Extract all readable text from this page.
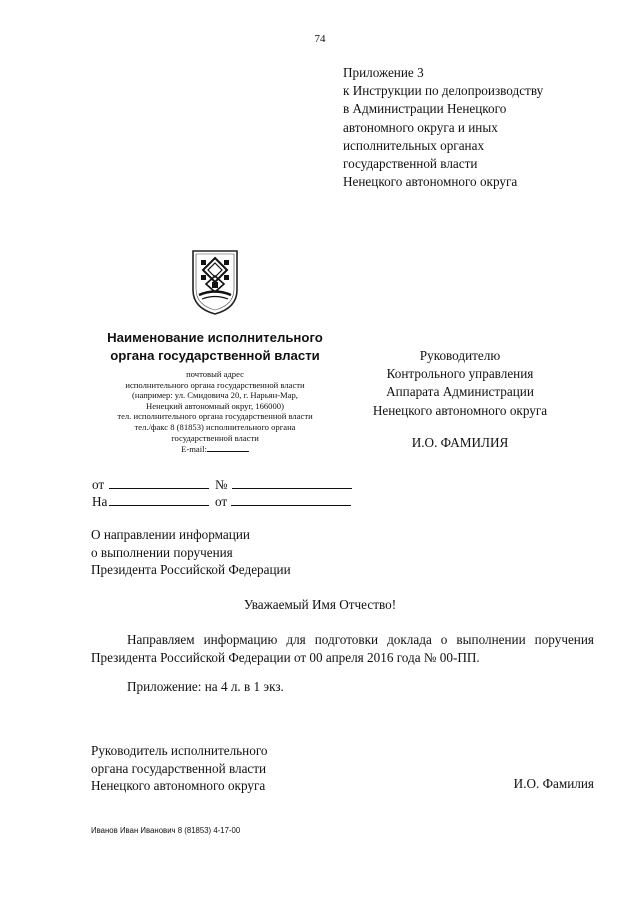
74
Приложение 3
к Инструкции по делопроизводству
в Администрации Ненецкого
автономного округа и иных
исполнительных органах
государственной власти
Ненецкого автономного округа
Наименование исполнительного
органа государственной власти
почтовый адрес
исполнительного органа государственной власти
(например: ул. Смидовича 20, г. Нарьян-Мар,
Ненецкий автономный округ, 166000)
тел. исполнительного органа государственной власти
тел./факс 8 (81853) исполнительного органа
государственной власти
E-mail:
Руководителю
Контрольного управления
Аппарата Администрации
Ненецкого автономного округа
И.О. ФАМИЛИЯ
от	№
На	от
О направлении информации
о выполнении поручения
Президента Российской Федерации
Уважаемый Имя Отчество!
Направляем информацию для подготовки доклада о выполнении поручения Президента Российской Федерации от 00 апреля 2016 года № 00-ПП.
Приложение: на 4 л. в 1 экз.
Руководитель исполнительного
органа государственной власти
Ненецкого автономного округа	И.О. Фамилия
Иванов Иван Иванович 8 (81853) 4-17-00
